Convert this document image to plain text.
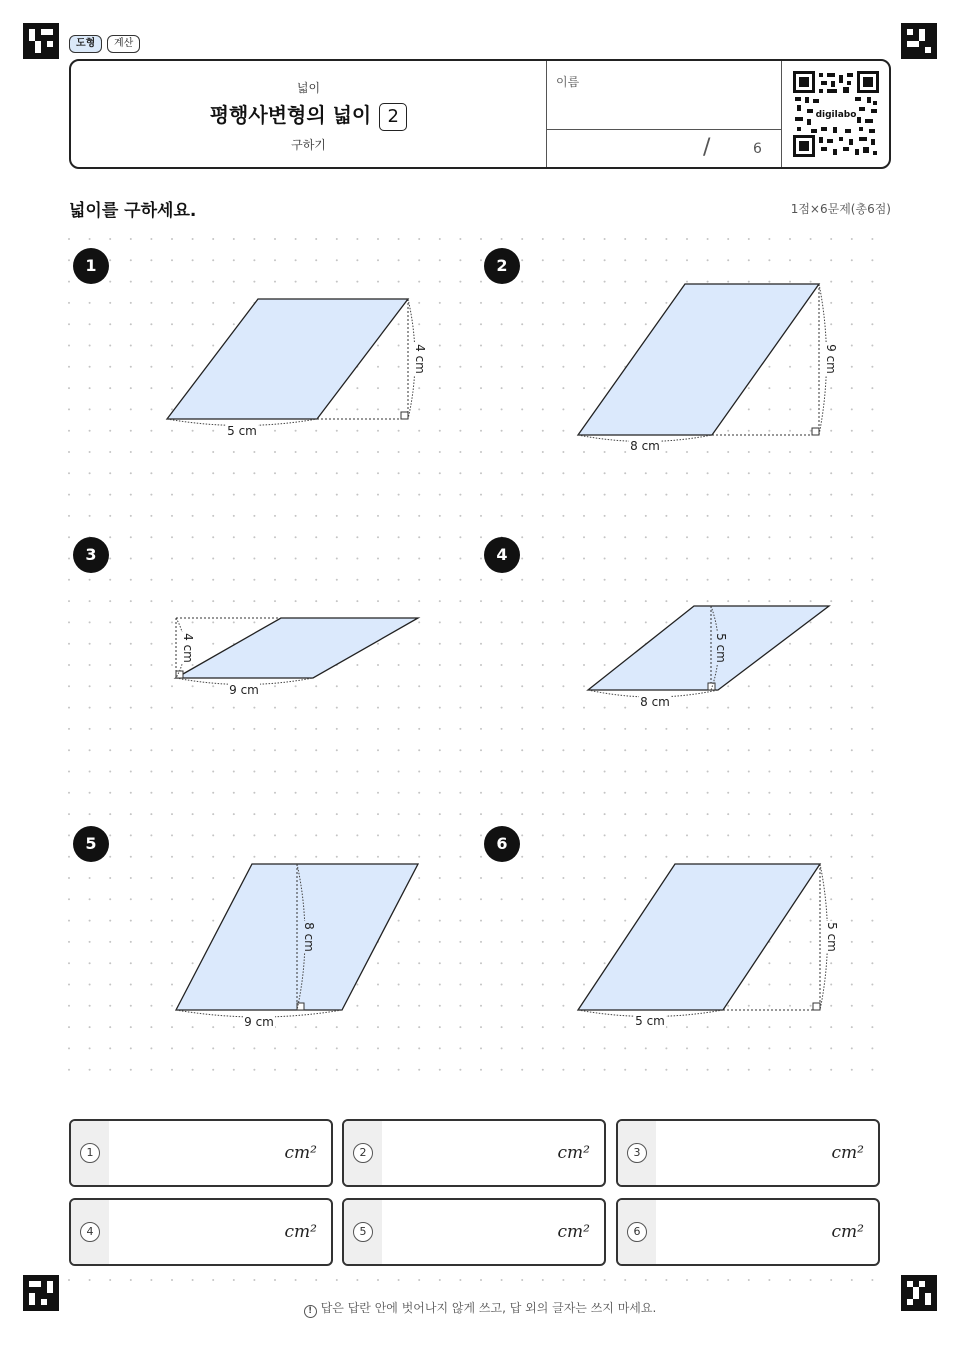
도형	계산
넓이
평행사변형의 넓이 2
구하기
이름
/	6
digilabo
넓이를 구하세요.	1점×6문제(총6점)
1	2
3	4
5	6
5 cm
4 cm
8 cm
9 cm
9 cm
4 cm
8 cm
5 cm
9 cm
8 cm
5 cm
5 cm
1	cm²	2	cm²	3	cm²
4	cm²	5	cm²	6	cm²
! 답은 답란 안에 벗어나지 않게 쓰고, 답 외의 글자는 쓰지 마세요.
